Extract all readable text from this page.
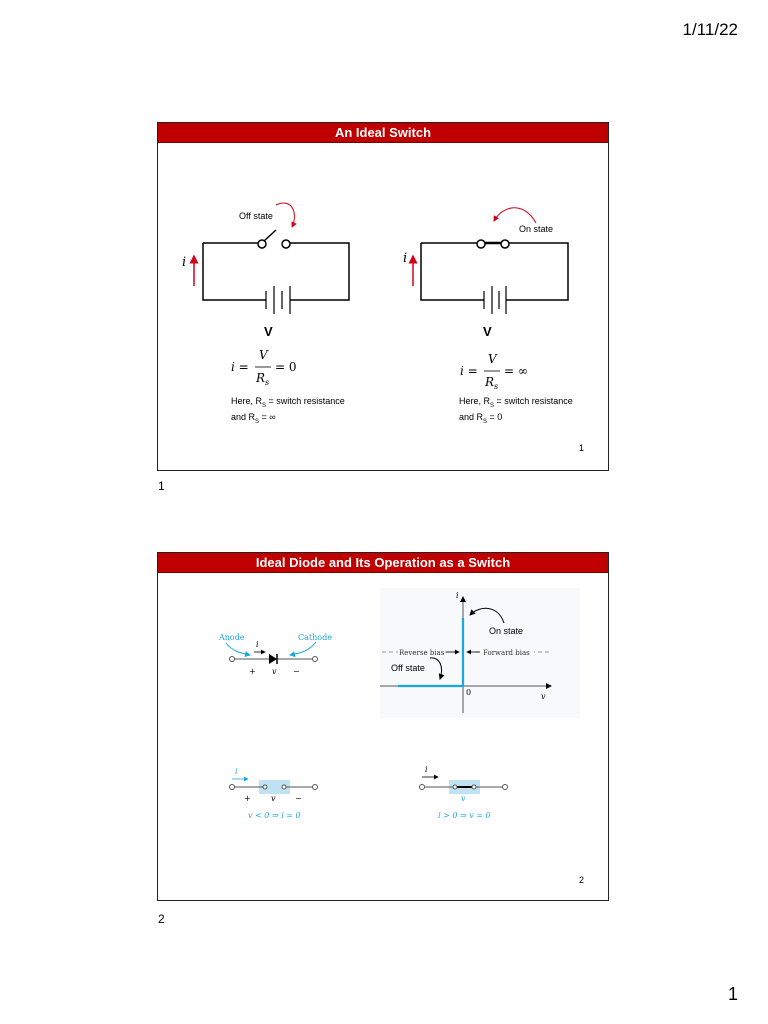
1/11/22
An Ideal Switch
Off state
On state
i	i
V	V
i =
V
R s
= 0	i =
V
R s
= ∞
Here, $R_S$ = switch resistance
and $R_S$ = ∞
Here, $R_S$ = switch resistance
and $R_S = 0$
1
1
Ideal Diode and Its Operation as a Switch
Anode	Cathode
i
+ v −
Reverse bias	Forward bias
i
v
0
On state
Off state
i
+	v −
v < 0 ⇒ i = 0
i
v
i > 0 ⇒ v = 0
2
2
1
